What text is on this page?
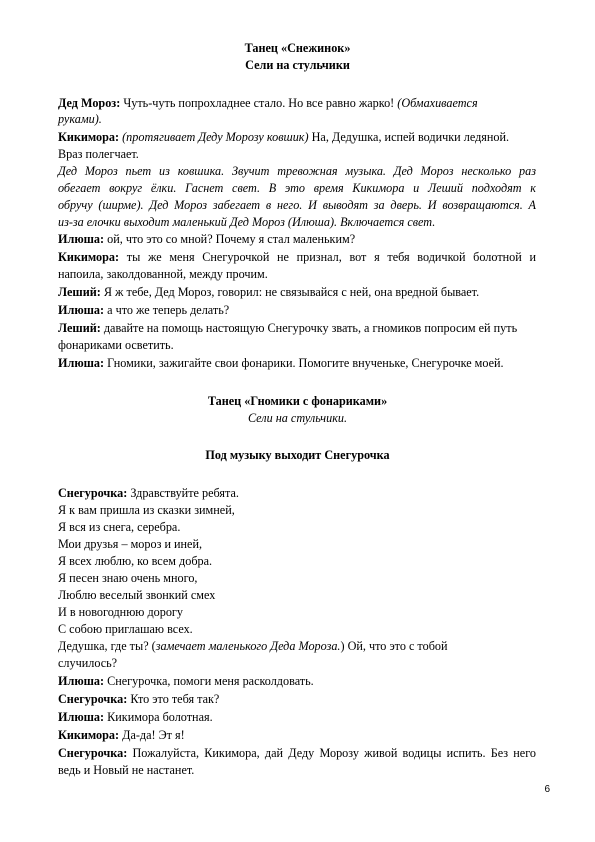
Танец «Снежинок»
Сели на стульчики
Дед Мороз: Чуть-чуть попрохладнее стало. Но все равно жарко! (Обмахивается
руками).
Кикимора: (протягивает Деду Морозу ковшик) На, Дедушка, испей водички ледяной.
Враз полегчает.
Дед Мороз пьет из ковшика. Звучит тревожная музыка. Дед Мороз несколько раз
обегает вокруг ёлки. Гаснет свет. В это время Кикимора и Леший подходят к
обручу (ширме). Дед Мороз забегает в него. И выводят за дверь. И возвращаются. А
из-за елочки выходит маленький Дед Мороз (Илюша). Включается свет.
Илюша: ой, что это со мной? Почему я стал маленьким?
Кикимора: ты же меня Снегурочкой не признал, вот я тебя водичкой болотной и
напоила, заколдованной, между прочим.
Леший: Я ж тебе, Дед Мороз, говорил: не связывайся с ней, она вредной бывает.
Илюша: а что же теперь делать?
Леший: давайте на помощь настоящую Снегурочку звать, а гномиков попросим ей путь
фонариками осветить.
Илюша: Гномики, зажигайте свои фонарики. Помогите внученьке, Снегурочке моей.
Танец «Гномики с фонариками»
Сели на стульчики.
Под музыку выходит Снегурочка
Снегурочка: Здравствуйте ребята.
Я к вам пришла из сказки зимней,
Я вся из снега, серебра.
Мои друзья – мороз и иней,
Я всех люблю, ко всем добра.
Я песен знаю очень много,
Люблю веселый звонкий смех
И в новогоднюю дорогу
С собою приглашаю всех.
Дедушка, где ты? (замечает маленького Деда Мороза.) Ой, что это с тобой
случилось?
Илюша: Снегурочка, помоги меня расколдовать.
Снегурочка: Кто это тебя так?
Илюша: Кикимора болотная.
Кикимора: Да-да! Эт я!
Снегурочка: Пожалуйста, Кикимора, дай Деду Морозу живой водицы испить. Без него
ведь и Новый не настанет.
6
